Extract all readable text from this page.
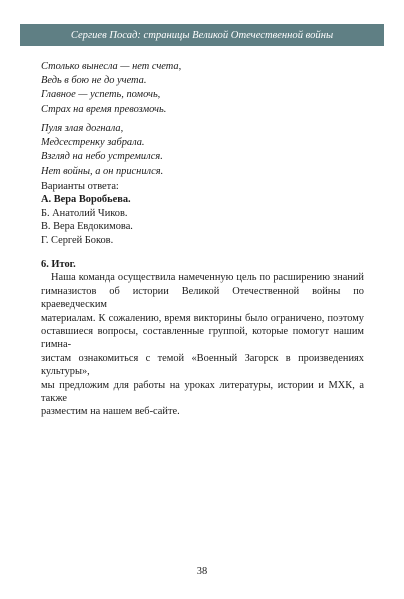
Сергиев Посад: страницы Великой Отечественной войны
Столько вынесла — нет счета,
Ведь в бою не до учета.
Главное — успеть, помочь,
Страх на время превозмочь.
Пуля злая догнала,
Медсестренку забрала.
Взгляд на небо устремился.
Нет войны, а он приснился.
Варианты ответа:
А. Вера Воробьева.
Б. Анатолий Чиков.
В. Вера Евдокимова.
Г. Сергей Боков.
6. Итог.
Наша команда осуществила намеченную цель по расширению знаний
гимназистов об истории Великой Отечественной войны по краеведческим
материалам. К сожалению, время викторины было ограничено, поэтому
оставшиеся вопросы, составленные группой, которые помогут нашим гимна-
зистам ознакомиться с темой «Военный Загорск в произведениях культуры»,
мы предложим для работы на уроках литературы, истории и МХК, а также
разместим на нашем веб-сайте.
38
